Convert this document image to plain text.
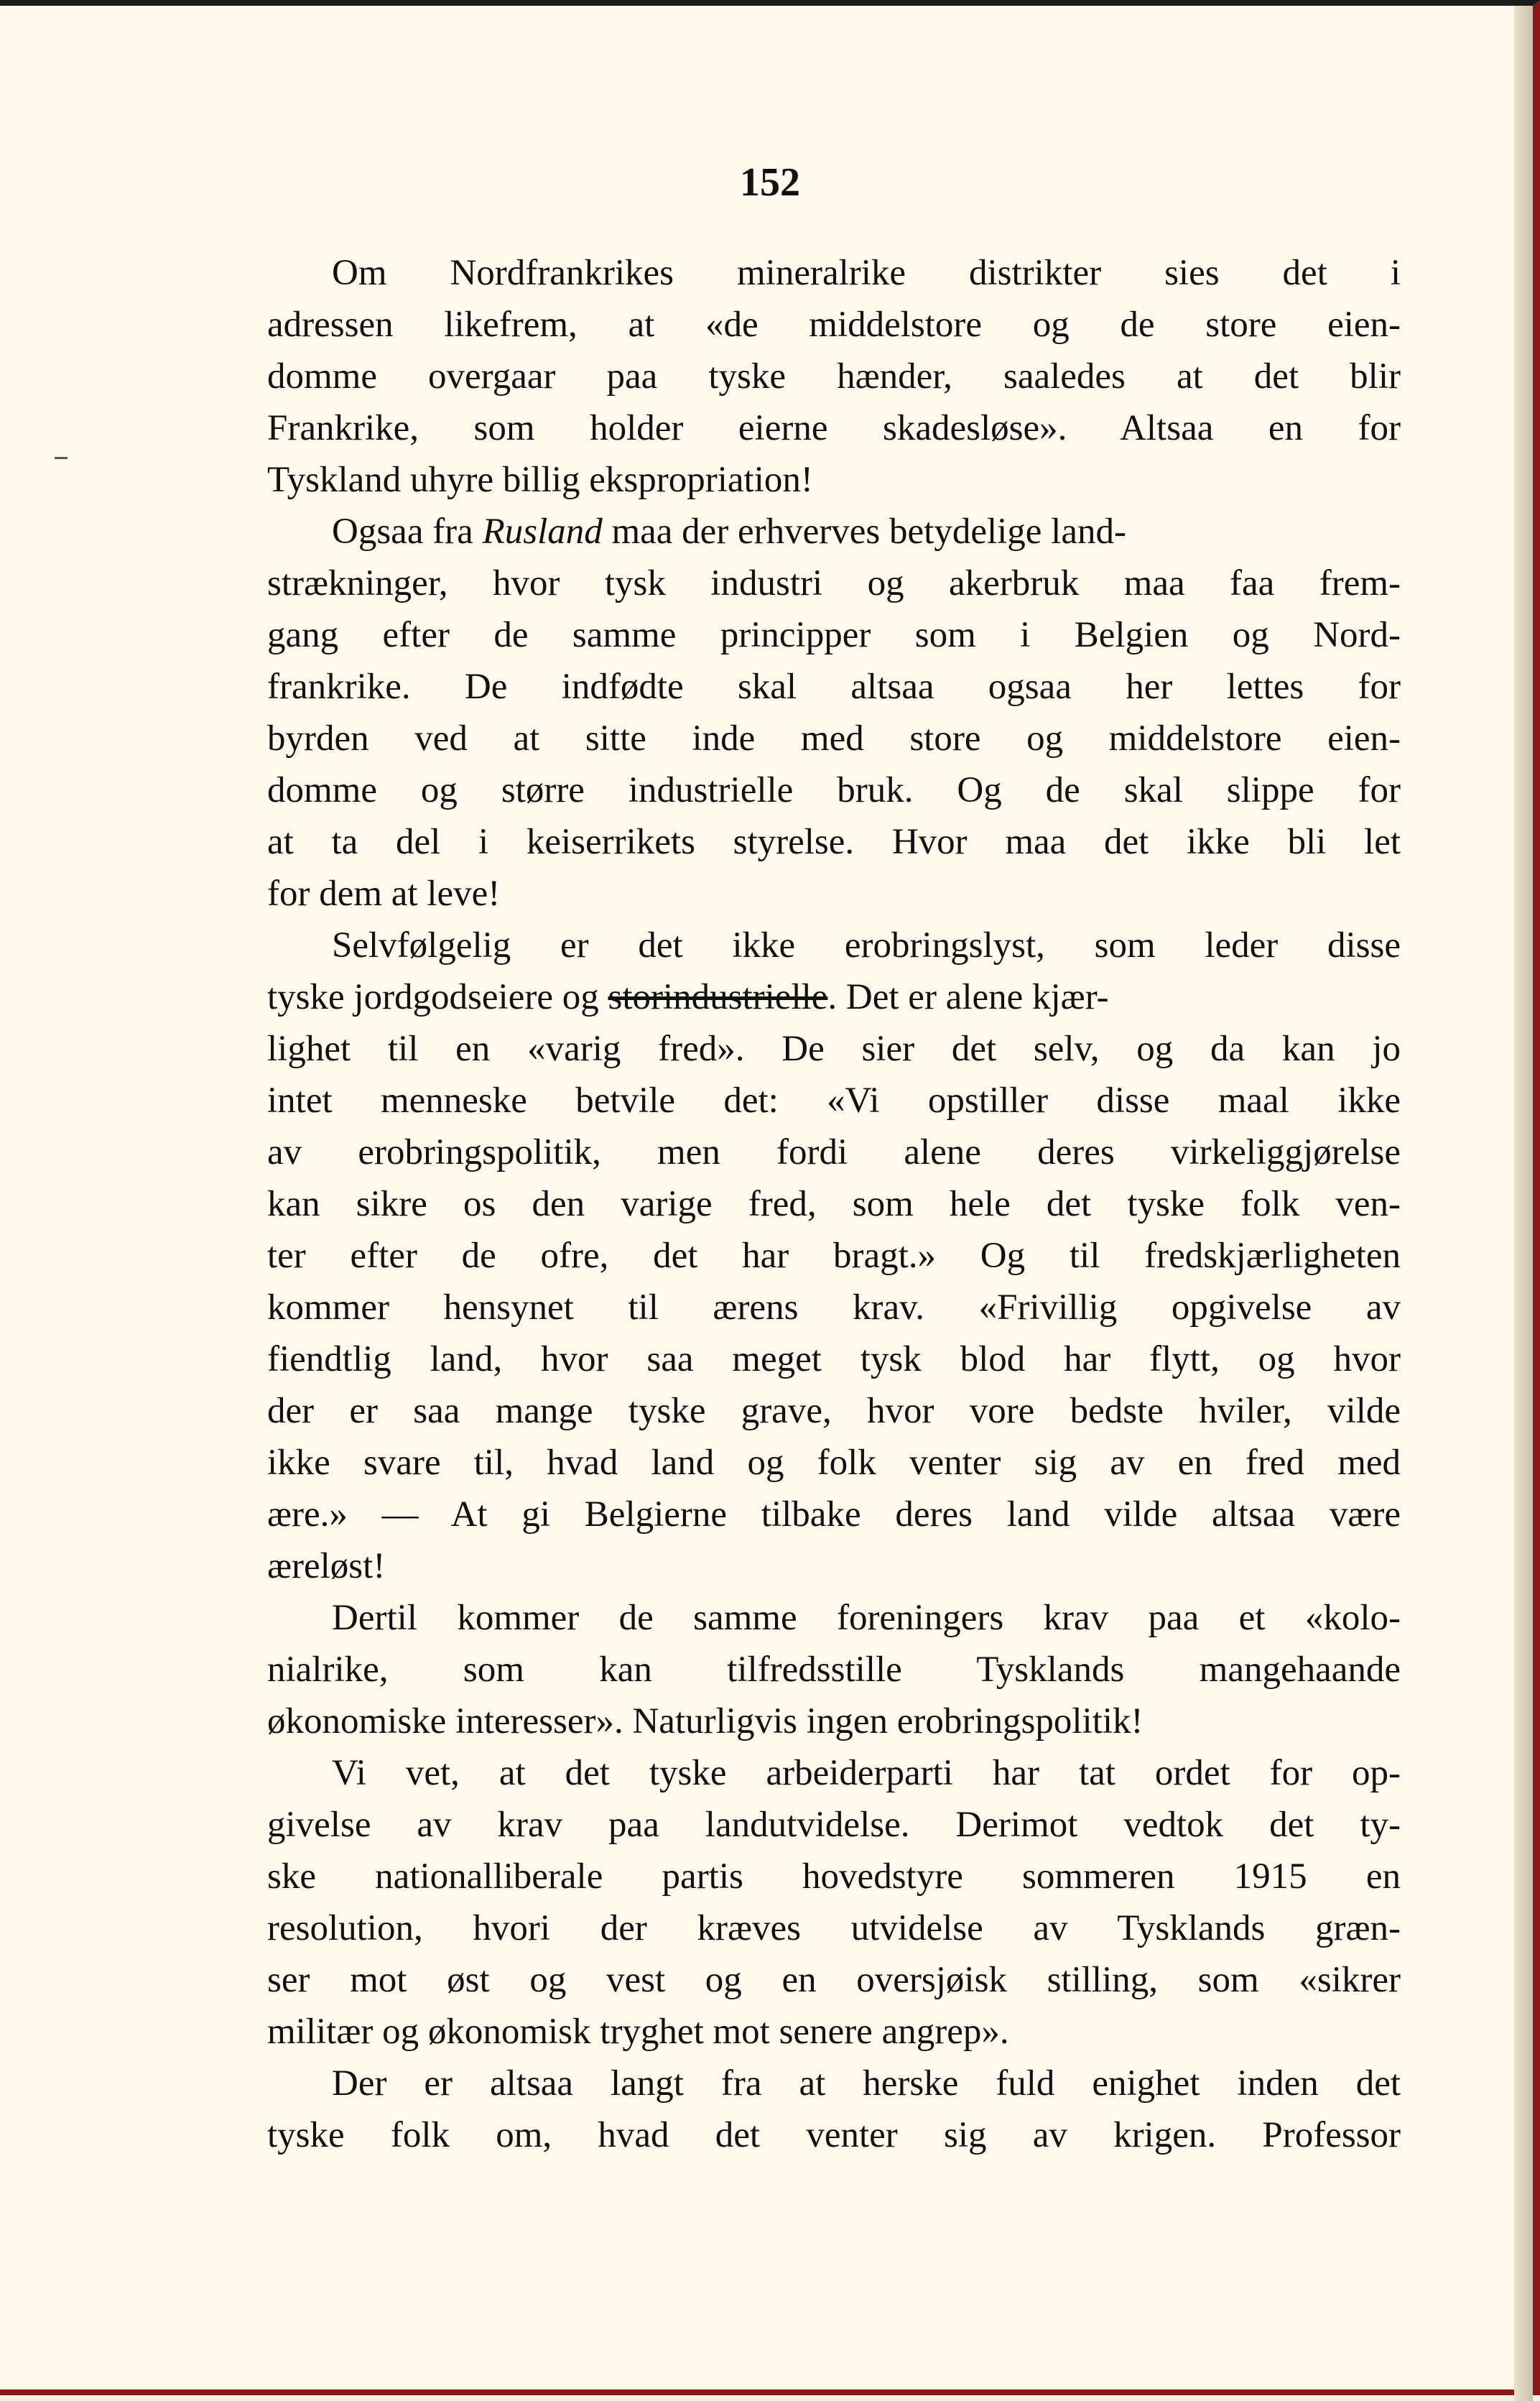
152
Om Nordfrankrikes mineralrike distrikter sies det i
adressen likefrem, at «de middelstore og de store eien-
domme overgaar paa tyske hænder, saaledes at det blir
Frankrike, som holder eierne skadesløse». Altsaa en for
Tyskland uhyre billig ekspropriation!
Ogsaa fra Rusland maa der erhverves betydelige land-
strækninger, hvor tysk industri og akerbruk maa faa frem-
gang efter de samme principper som i Belgien og Nord-
frankrike. De indfødte skal altsaa ogsaa her lettes for
byrden ved at sitte inde med store og middelstore eien-
domme og større industrielle bruk. Og de skal slippe for
at ta del i keiserrikets styrelse. Hvor maa det ikke bli let
for dem at leve!
Selvfølgelig er det ikke erobringslyst, som leder disse
tyske jordgodseiere og storindustrielle. Det er alene kjær-
lighet til en «varig fred». De sier det selv, og da kan jo
intet menneske betvile det: «Vi opstiller disse maal ikke
av erobringspolitik, men fordi alene deres virkeliggjørelse
kan sikre os den varige fred, som hele det tyske folk ven-
ter efter de ofre, det har bragt.» Og til fredskjærligheten
kommer hensynet til ærens krav. «Frivillig opgivelse av
fiendtlig land, hvor saa meget tysk blod har flytt, og hvor
der er saa mange tyske grave, hvor vore bedste hviler, vilde
ikke svare til, hvad land og folk venter sig av en fred med
ære.» — At gi Belgierne tilbake deres land vilde altsaa være
æreløst!
Dertil kommer de samme foreningers krav paa et «kolo-
nialrike, som kan tilfredsstille Tysklands mangehaande
økonomiske interesser». Naturligvis ingen erobringspolitik!
Vi vet, at det tyske arbeiderparti har tat ordet for op-
givelse av krav paa landutvidelse. Derimot vedtok det ty-
ske nationalliberale partis hovedstyre sommeren 1915 en
resolution, hvori der kræves utvidelse av Tysklands græn-
ser mot øst og vest og en oversjøisk stilling, som «sikrer
militær og økonomisk tryghet mot senere angrep».
Der er altsaa langt fra at herske fuld enighet inden det
tyske folk om, hvad det venter sig av krigen. Professor
